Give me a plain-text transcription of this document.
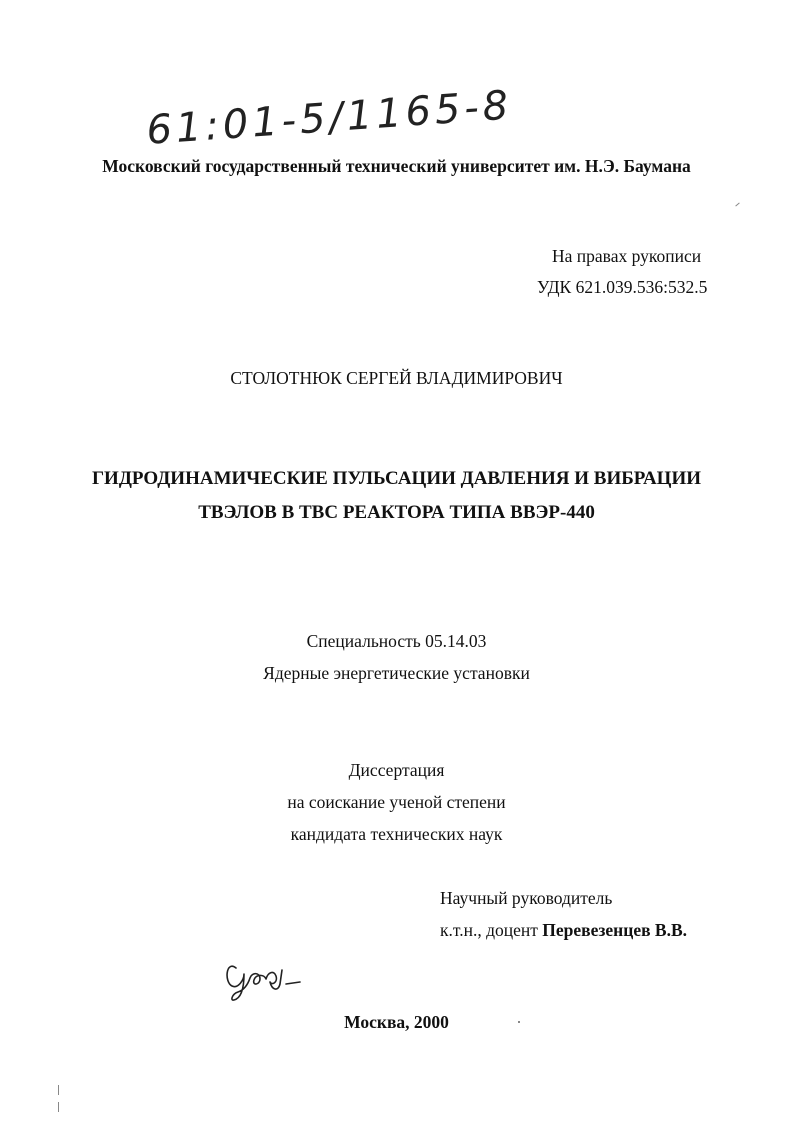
61:01-5/1165-8
Московский государственный технический университет им. Н.Э. Баумана
На правах рукописи
УДК 621.039.536:532.5
СТОЛОТНЮК СЕРГЕЙ ВЛАДИМИРОВИЧ
ГИДРОДИНАМИЧЕСКИЕ ПУЛЬСАЦИИ ДАВЛЕНИЯ И ВИБРАЦИИ
ТВЭЛОВ В ТВС РЕАКТОРА ТИПА ВВЭР-440
Специальность 05.14.03
Ядерные энергетические установки
Диссертация
на соискание ученой степени
кандидата технических наук
Научный руководитель
к.т.н., доцент Перевезенцев В.В.
Москва, 2000
